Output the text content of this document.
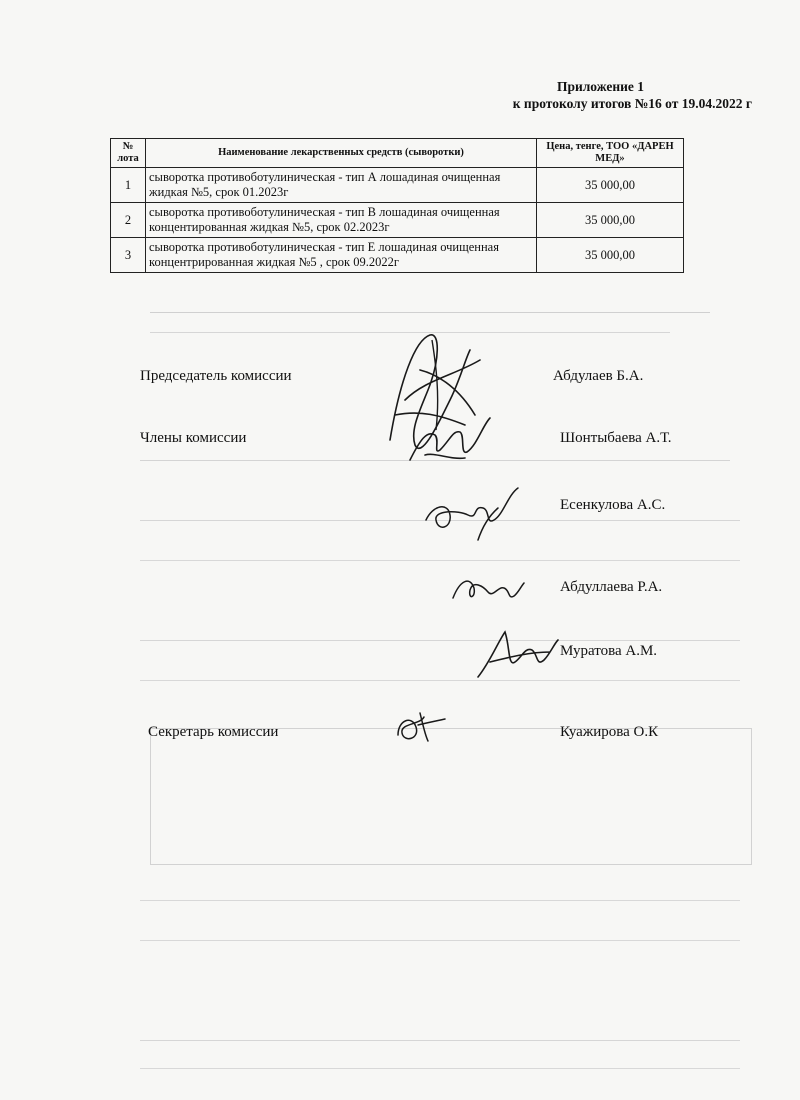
Приложение 1
к протоколу итогов №16 от 19.04.2022 г
№ лота	Наименование лекарственных средств (сыворотки)	Цена, тенге, ТОО «ДАРЕН МЕД»
1	сыворотка противоботулиническая - тип А лошадиная очищенная жидкая №5, срок 01.2023г	35 000,00
2	сыворотка противоботулиническая - тип В лошадиная очищенная концентированная жидкая №5, срок 02.2023г	35 000,00
3	сыворотка противоботулиническая - тип Е лошадиная очищенная концентрированная жидкая №5 , срок 09.2022г	35 000,00
Председатель комиссии	Абдулаев Б.А.
Члены комиссии	Шонтыбаева А.Т.
Есенкулова А.С.
Абдуллаева Р.А.
Муратова А.М.
Секретарь комиссии	Куажирова О.К
